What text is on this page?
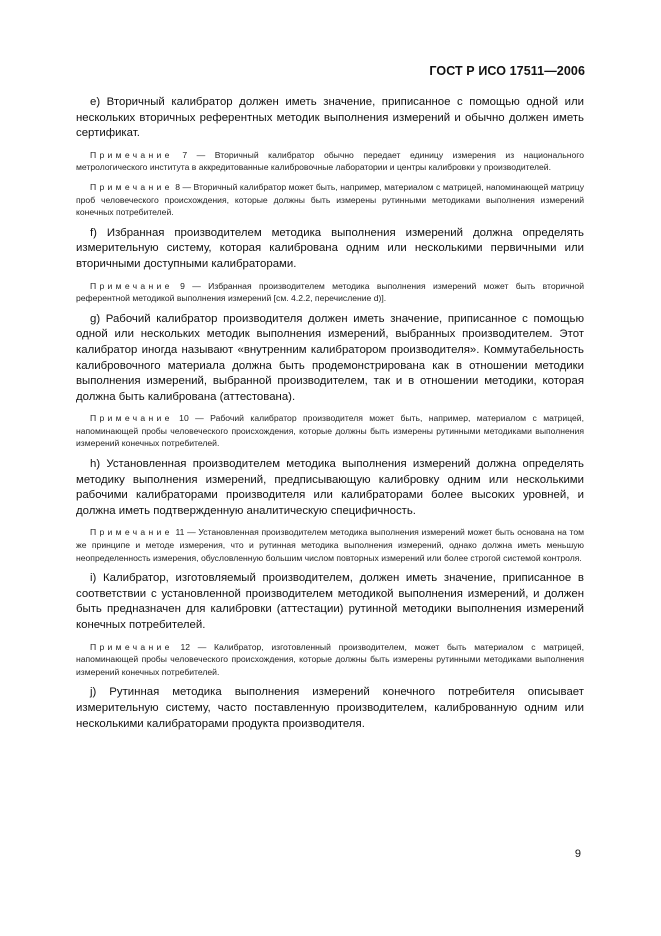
ГОСТ Р ИСО 17511—2006

е) Вторичный калибратор должен иметь значение, приписанное с помощью одной или нескольких вторичных референтных методик выполнения измерений и обычно должен иметь сертификат.

Примечание 7 — Вторичный калибратор обычно передает единицу измерения из национального метрологического института в аккредитованные калибровочные лаборатории и центры калибровки у производителей.

Примечание 8 — Вторичный калибратор может быть, например, материалом с матрицей, напоминающей матрицу проб человеческого происхождения, которые должны быть измерены рутинными методиками выполнения измерений конечных потребителей.

f) Избранная производителем методика выполнения измерений должна определять измерительную систему, которая калибрована одним или несколькими первичными или вторичными доступными калибраторами.

Примечание 9 — Избранная производителем методика выполнения измерений может быть вторичной референтной методикой выполнения измерений [см. 4.2.2, перечисление d)].

g) Рабочий калибратор производителя должен иметь значение, приписанное с помощью одной или нескольких методик выполнения измерений, выбранных производителем. Этот калибратор иногда называют «внутренним калибратором производителя». Коммутабельность калибровочного материала должна быть продемонстрирована как в отношении методики выполнения измерений, выбранной производителем, так и в отношении методики, которая должна быть калибрована (аттестована).

Примечание 10 — Рабочий калибратор производителя может быть, например, материалом с матрицей, напоминающей пробы человеческого происхождения, которые должны быть измерены рутинными методиками выполнения измерений конечных потребителей.

h) Установленная производителем методика выполнения измерений должна определять методику выполнения измерений, предписывающую калибровку одним или несколькими рабочими калибраторами производителя или калибраторами более высоких уровней, и должна иметь подтвержденную аналитическую специфичность.

Примечание 11 — Установленная производителем методика выполнения измерений может быть основана на том же принципе и методе измерения, что и рутинная методика выполнения измерений, однако должна иметь меньшую неопределенность измерения, обусловленную большим числом повторных измерений или более строгой системой контроля.

i) Калибратор, изготовляемый производителем, должен иметь значение, приписанное в соответствии с установленной производителем методикой выполнения измерений, и должен быть предназначен для калибровки (аттестации) рутинной методики выполнения измерений конечных потребителей.

Примечание 12 — Калибратор, изготовленный производителем, может быть материалом с матрицей, напоминающей пробы человеческого происхождения, которые должны быть измерены рутинными методиками выполнения измерений конечных потребителей.

j) Рутинная методика выполнения измерений конечного потребителя описывает измерительную систему, часто поставленную производителем, калиброванную одним или несколькими калибраторами продукта производителя.

9
